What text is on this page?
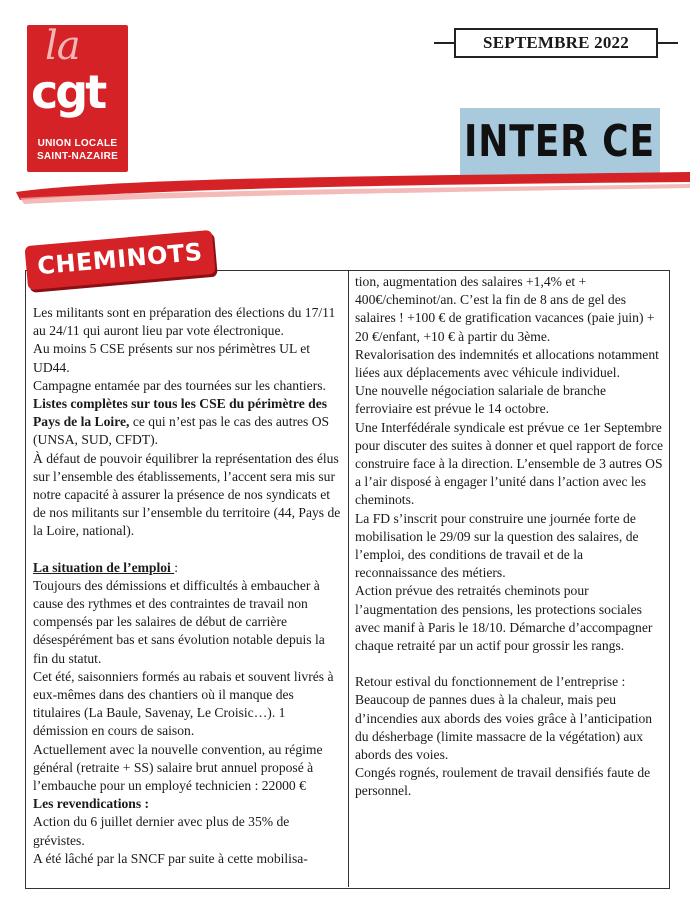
la
cgt
UNION LOCALE
SAINT-NAZAIRE
SEPTEMBRE 2022
INTER CE
CHEMINOTS

Les militants sont en préparation des élections du 17/11 au 24/11 qui auront lieu par vote électronique.

Au moins 5 CSE présents sur nos périmètres UL et UD44.

Campagne entamée par des tournées sur les chantiers.

Listes complètes sur tous les CSE du périmètre des Pays de la Loire, ce qui n’est pas le cas des autres OS (UNSA, SUD, CFDT).

À défaut de pouvoir équilibrer la représentation des élus sur l’ensemble des établissements, l’accent sera mis sur notre capacité à assurer la présence de nos syndicats et de nos militants sur l’ensemble du territoire (44, Pays de la Loire, national).

La situation de l’emploi :

Toujours des démissions et difficultés à embaucher à cause des rythmes et des contraintes de travail non compensés par les salaires de début de carrière désespérément bas et sans évolution notable depuis la fin du statut.

Cet été, saisonniers formés au rabais et souvent livrés à eux-mêmes dans des chantiers où il manque des titulaires (La Baule, Savenay, Le Croisic…). 1 démission en cours de saison.

Actuellement avec la nouvelle convention, au régime général (retraite + SS) salaire brut annuel proposé à l’embauche pour un employé technicien : 22000 €

Les revendications :

Action du 6 juillet dernier avec plus de 35% de grévistes.

A été lâché par la SNCF par suite à cette mobilisa-

tion, augmentation des salaires +1,4% et + 400€/cheminot/an. C’est la fin de 8 ans de gel des salaires ! +100 € de gratification vacances (paie juin) + 20 €/enfant, +10 € à partir du 3ème.

Revalorisation des indemnités et allocations notamment liées aux déplacements avec véhicule individuel.

Une nouvelle négociation salariale de branche ferroviaire est prévue le 14 octobre.

Une Interfédérale syndicale est prévue ce 1er Septembre pour discuter des suites à donner et quel rapport de force construire face à la direction. L’ensemble de 3 autres OS a l’air disposé à engager l’unité dans l’action avec les cheminots.

La FD s’inscrit pour construire une journée forte de mobilisation le 29/09 sur la question des salaires, de l’emploi, des conditions de travail et de la reconnaissance des métiers.

Action prévue des retraités cheminots pour l’augmentation des pensions, les protections sociales avec manif à Paris le 18/10. Démarche d’accompagner chaque retraité par un actif pour grossir les rangs.

Retour estival du fonctionnement de l’entreprise :

Beaucoup de pannes dues à la chaleur, mais peu d’incendies aux abords des voies grâce à l’anticipation du désherbage (limite massacre de la végétation) aux abords des voies.

Congés rognés, roulement de travail densifiés faute de personnel.
